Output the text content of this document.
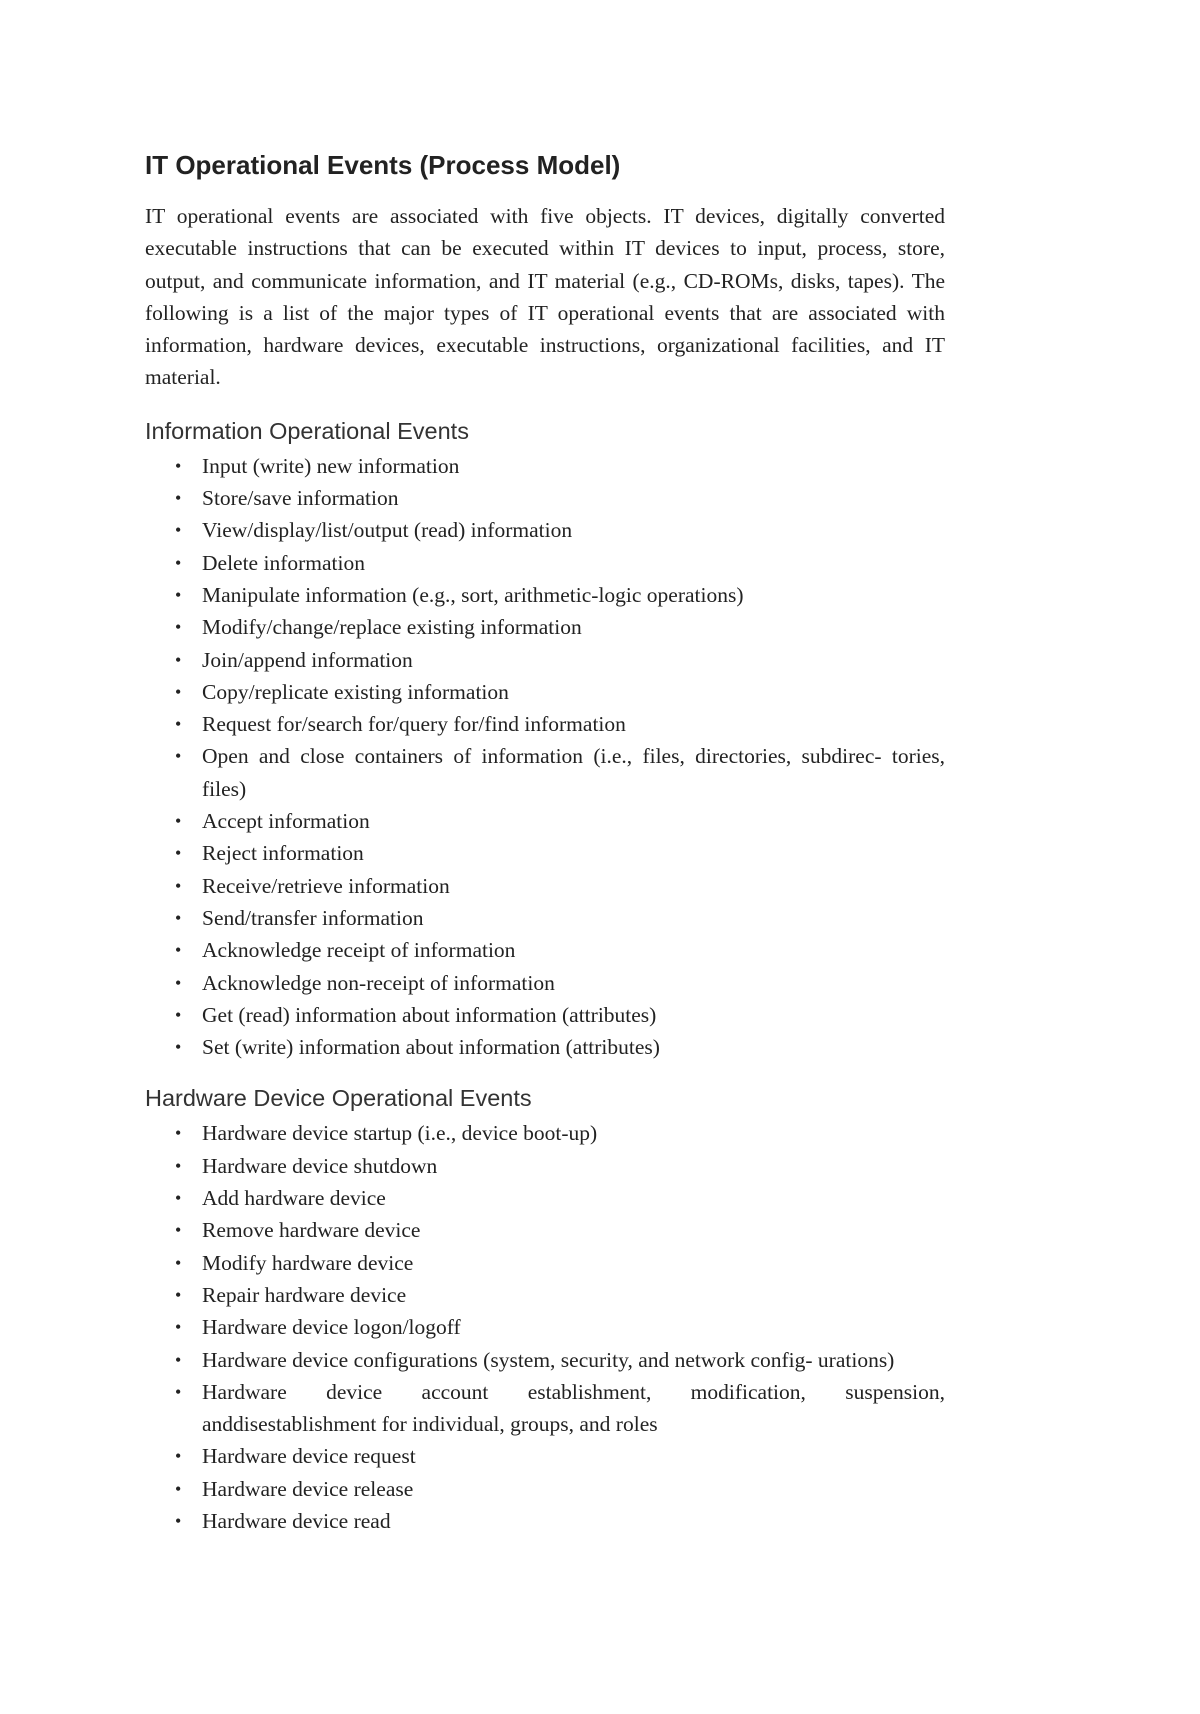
IT Operational Events (Process Model)

IT operational events are associated with five objects. IT devices, digitally converted executable instructions that can be executed within IT devices to input, process, store, output, and communicate information, and IT material (e.g., CD-ROMs, disks, tapes). The following is a list of the major types of IT operational events that are associated with information, hardware devices, executable instructions, organizational facilities, and IT material.

Information Operational Events
• Input (write) new information
• Store/save information
• View/display/list/output (read) information
• Delete information
• Manipulate information (e.g., sort, arithmetic-logic operations)
• Modify/change/replace existing information
• Join/append information
• Copy/replicate existing information
• Request for/search for/query for/find information
• Open and close containers of information (i.e., files, directories, subdirec- tories, files)
• Accept information
• Reject information
• Receive/retrieve information
• Send/transfer information
• Acknowledge receipt of information
• Acknowledge non-receipt of information
• Get (read) information about information (attributes)
• Set (write) information about information (attributes)
Hardware Device Operational Events
• Hardware device startup (i.e., device boot-up)
• Hardware device shutdown
• Add hardware device
• Remove hardware device
• Modify hardware device
• Repair hardware device
• Hardware device logon/logoff
• Hardware device configurations (system, security, and network config- urations)
• Hardware device account establishment, modification, suspension, anddisestablishment for individual, groups, and roles
• Hardware device request
• Hardware device release
• Hardware device read
